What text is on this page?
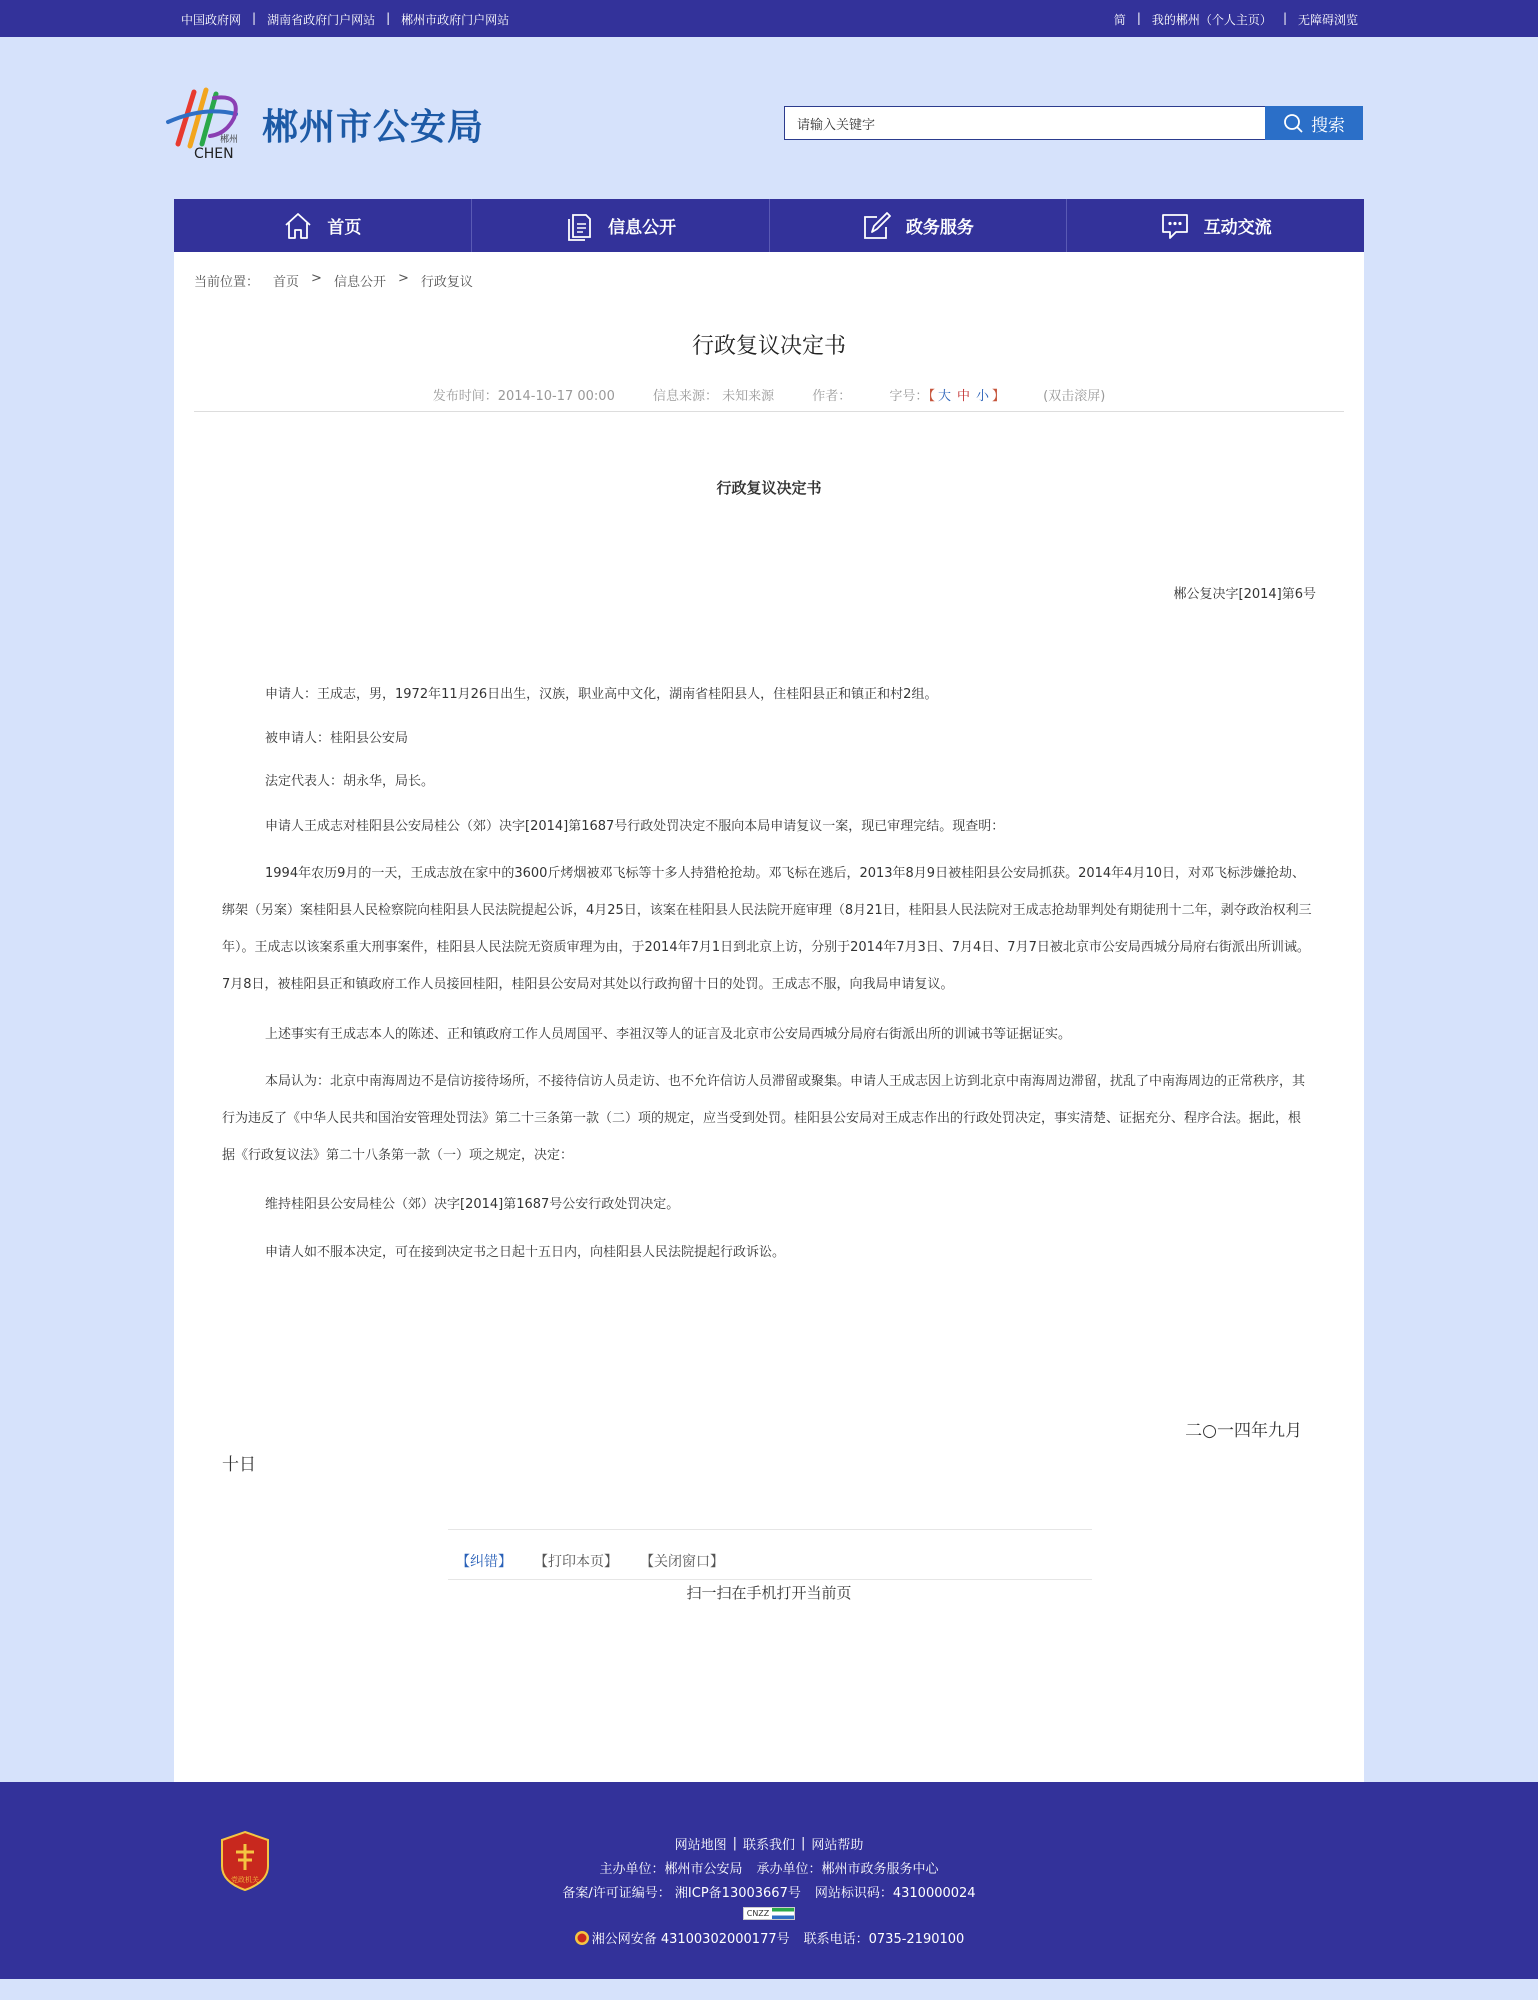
中国政府网 | 湖南省政府门户网站 | 郴州市政府门户网站	简 | 我的郴州（个人主页） | 无障碍浏览
郴州
CHEN
郴州市公安局
请输入关键字	搜索
首页	信息公开	政务服务	互动交流
当前位置： 首页 > 信息公开 > 行政复议
行政复议决定书
发布时间：2014-10-17 00:00	信息来源： 未知来源	作者：	字号：【 大 中 小 】	(双击滚屏)
行政复议决定书
郴公复决字[2014]第6号

申请人：王成志，男，1972年11月26日出生，汉族，职业高中文化，湖南省桂阳县人，住桂阳县正和镇正和村2组。

被申请人：桂阳县公安局

法定代表人：胡永华，局长。

申请人王成志对桂阳县公安局桂公（郊）决字[2014]第1687号行政处罚决定不服向本局申请复议一案，现已审理完结。现查明：

1994年农历9月的一天，王成志放在家中的3600斤烤烟被邓飞标等十多人持猎枪抢劫。邓飞标在逃后，2013年8月9日被桂阳县公安局抓获。2014年4月10日，对邓飞标涉嫌抢劫、绑架（另案）案桂阳县人民检察院向桂阳县人民法院提起公诉，4月25日，该案在桂阳县人民法院开庭审理（8月21日，桂阳县人民法院对王成志抢劫罪判处有期徒刑十二年，剥夺政治权利三年）。王成志以该案系重大刑事案件，桂阳县人民法院无资质审理为由，于2014年7月1日到北京上访，分别于2014年7月3日、7月4日、7月7日被北京市公安局西城分局府右街派出所训诫。7月8日，被桂阳县正和镇政府工作人员接回桂阳，桂阳县公安局对其处以行政拘留十日的处罚。王成志不服，向我局申请复议。

上述事实有王成志本人的陈述、正和镇政府工作人员周国平、李祖汉等人的证言及北京市公安局西城分局府右街派出所的训诫书等证据证实。

本局认为：北京中南海周边不是信访接待场所，不接待信访人员走访、也不允许信访人员滞留或聚集。申请人王成志因上访到北京中南海周边滞留，扰乱了中南海周边的正常秩序，其行为违反了《中华人民共和国治安管理处罚法》第二十三条第一款（二）项的规定，应当受到处罚。桂阳县公安局对王成志作出的行政处罚决定，事实清楚、证据充分、程序合法。据此，根据《行政复议法》第二十八条第一款（一）项之规定，决定：

维持桂阳县公安局桂公（郊）决字[2014]第1687号公安行政处罚决定。

申请人如不服本决定，可在接到决定书之日起十五日内，向桂阳县人民法院提起行政诉讼。

二○一四年九月
十日
【纠错】 【打印本页】 【关闭窗口】
扫一扫在手机打开当前页
党政机关
网站地图 | 联系我们 | 网站帮助
主办单位：郴州市公安局 承办单位：郴州市政务服务中心
备案/许可证编号： 湘ICP备13003667号 网站标识码：4310000024
CNZZ
湘公网安备 43100302000177号 联系电话：0735-2190100
